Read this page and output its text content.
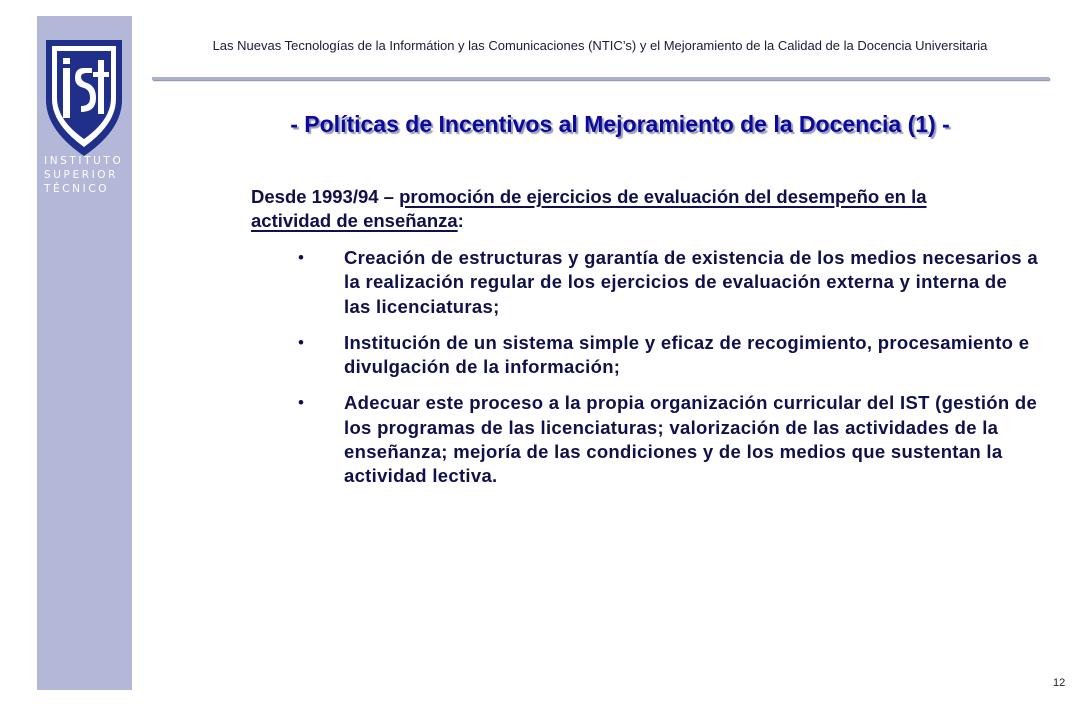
INSTITUTO
SUPERIOR
TÉCNICO
Las Nuevas Tecnologías de la Informátion y las Comunicaciones (NTIC’s) y el Mejoramiento de la Calidad de la Docencia Universitaria
- Políticas de Incentivos al Mejoramiento de la Docencia (1) -
Desde 1993/94 – promoción de ejercicios de evaluación del desempeño en la actividad de enseñanza:
• Creación de estructuras y garantía de existencia de los medios necesarios a la realización regular de los ejercicios de evaluación externa y interna de las licenciaturas;
• Institución de un sistema simple y eficaz de recogimiento, procesamiento e divulgación de la información;
• Adecuar este proceso a la propia organización curricular del IST (gestión de los programas de las licenciaturas; valorización de las actividades de la enseñanza; mejoría de las condiciones y de los medios que sustentan la actividad lectiva.
12
